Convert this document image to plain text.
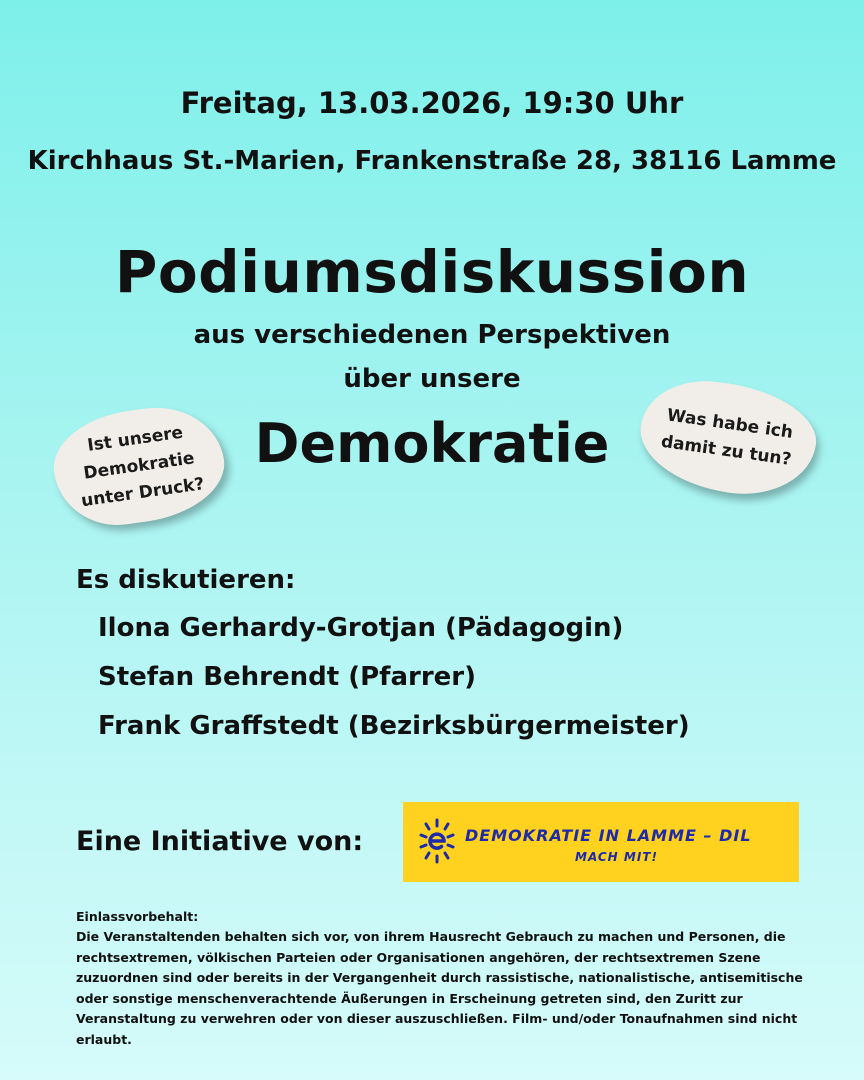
Freitag, 13.03.2026, 19:30 Uhr
Kirchhaus St.-Marien, Frankenstraße 28, 38116 Lamme
Podiumsdiskussion
aus verschiedenen Perspektiven
über unsere
Demokratie
Ist unsere
Demokratie
unter Druck?
Was habe ich
damit zu tun?
Es diskutieren:
Ilona Gerhardy-Grotjan (Pädagogin)
Stefan Behrendt (Pfarrer)
Frank Graffstedt (Bezirksbürgermeister)
Eine Initiative von:	DEMOKRATIE IN LAMME – DIL
MACH MIT!
Einlassvorbehalt:
Die Veranstaltenden behalten sich vor, von ihrem Hausrecht Gebrauch zu machen und Personen, die rechtsextremen, völkischen Parteien oder Organisationen angehören, der rechtsextremen Szene zuzuordnen sind oder bereits in der Vergangenheit durch rassistische, nationalistische, antisemitische oder sonstige menschenverachtende Äußerungen in Erscheinung getreten sind, den Zuritt zur Veranstaltung zu verwehren oder von dieser auszuschließen. Film- und/oder Tonaufnahmen sind nicht erlaubt.
